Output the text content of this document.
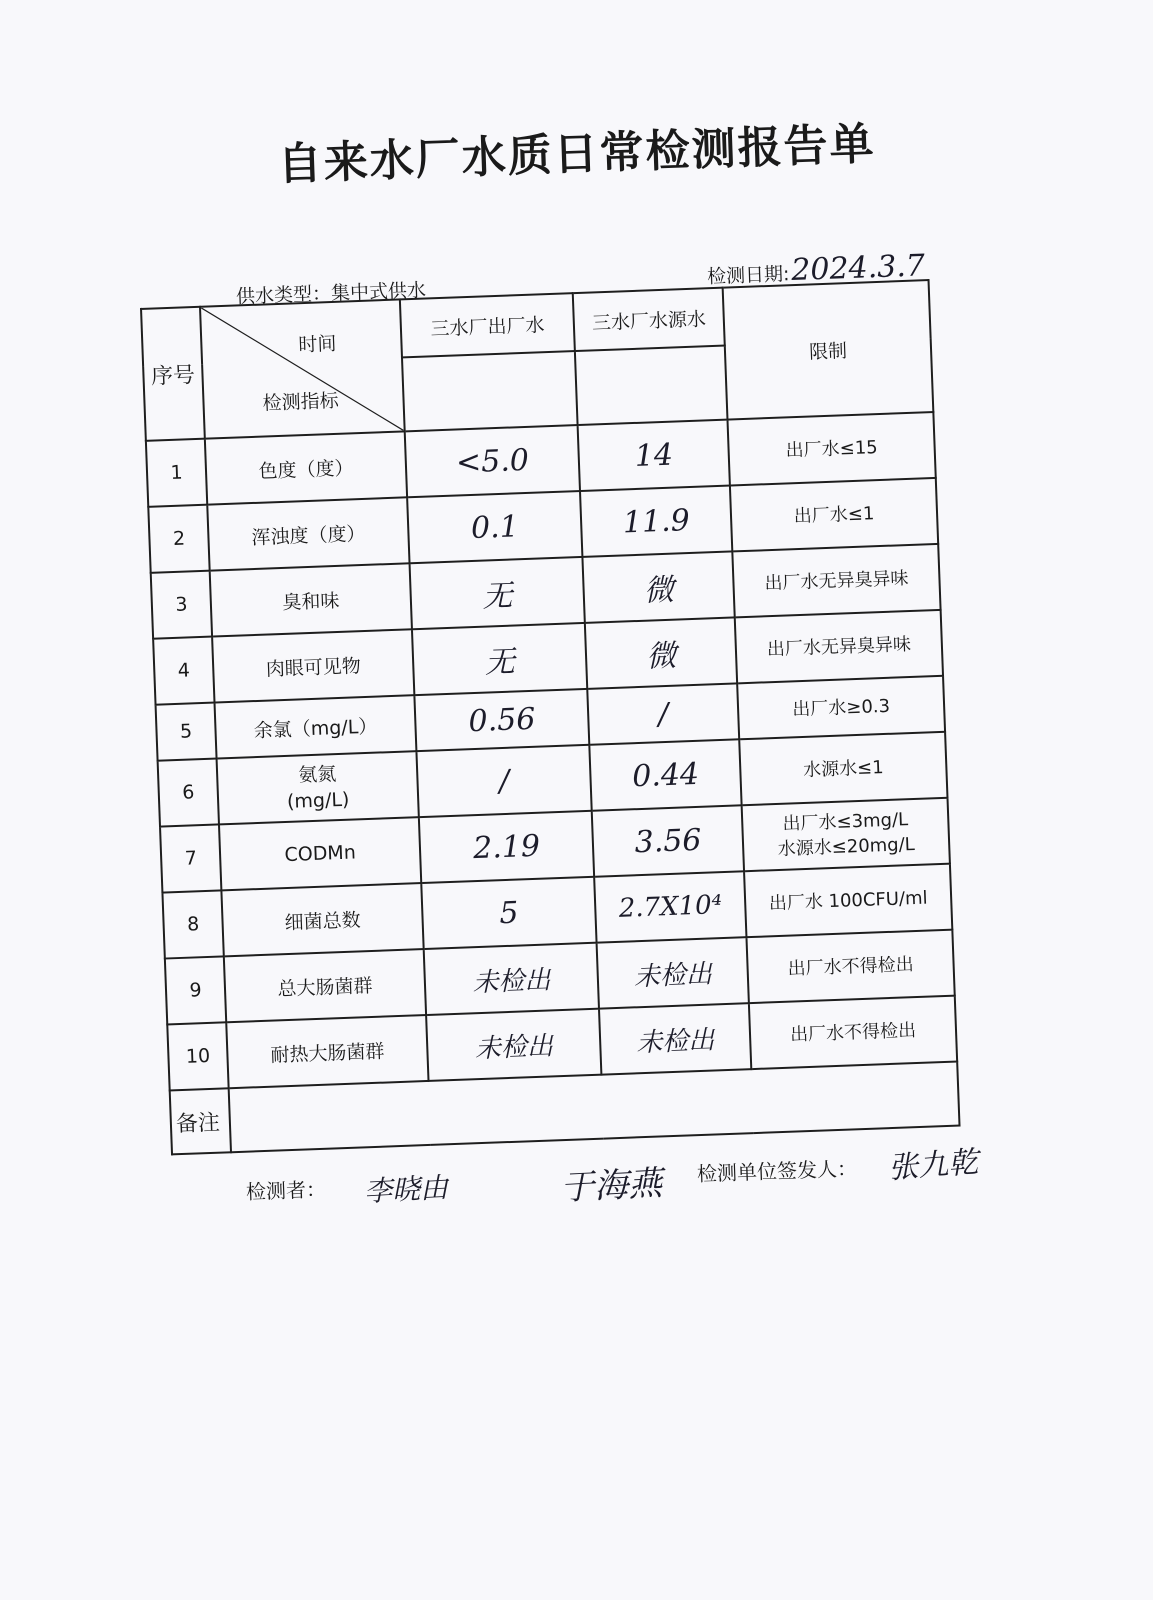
自来水厂水质日常检测报告单
供水类型：集中式供水
检测日期:2024.3.7
序号	时间
检测指标	三水厂出厂水	三水厂水源水	限制

1	色度（度）	<5.0	14	出厂水≤15
2	浑浊度（度）	0.1	11.9	出厂水≤1
3	臭和味	无	微	出厂水无异臭异味
4	肉眼可见物	无	微	出厂水无异臭异味
5	余氯（mg/L）	0.56	/	出厂水≥0.3
6	氨氮
(mg/L)	/	0.44	水源水≤1
7	CODMn	2.19	3.56	出厂水≤3mg/L
水源水≤20mg/L
8	细菌总数	5	2.7X10⁴	出厂水 100CFU/ml
9	总大肠菌群	未检出	未检出	出厂水不得检出
10	耐热大肠菌群	未检出	未检出	出厂水不得检出
备注				
检测者： 李晓由	于海燕 检测单位签发人： 张九乾
